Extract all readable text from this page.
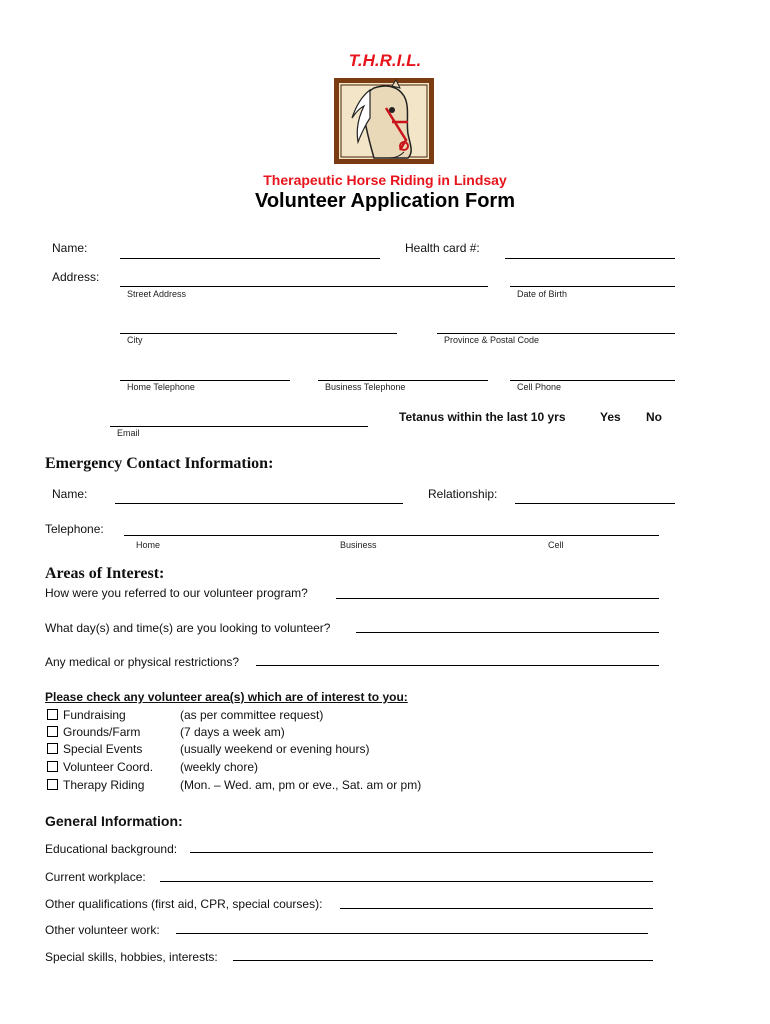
T.H.R.I.L.
Therapeutic Horse Riding in Lindsay
Volunteer Application Form
Name:	Health card #:
Address:
Street Address	Date of Birth
City	Province & Postal Code
Home Telephone	Business Telephone	Cell Phone
Email
Tetanus within the last 10 yrs	Yes No
Emergency Contact Information:
Name:	Relationship:
Telephone:
Home	Business	Cell
Areas of Interest:
How were you referred to our volunteer program?
What day(s) and time(s) are you looking to volunteer?
Any medical or physical restrictions?
Please check any volunteer area(s) which are of interest to you:
Fundraising	(as per committee request)
Grounds/Farm	(7 days a week am)
Special Events	(usually weekend or evening hours)
Volunteer Coord. (weekly chore)
Therapy Riding	(Mon. – Wed. am, pm or eve., Sat. am or pm)
General Information:
Educational background:
Current workplace:
Other qualifications (first aid, CPR, special courses):
Other volunteer work:
Special skills, hobbies, interests:
